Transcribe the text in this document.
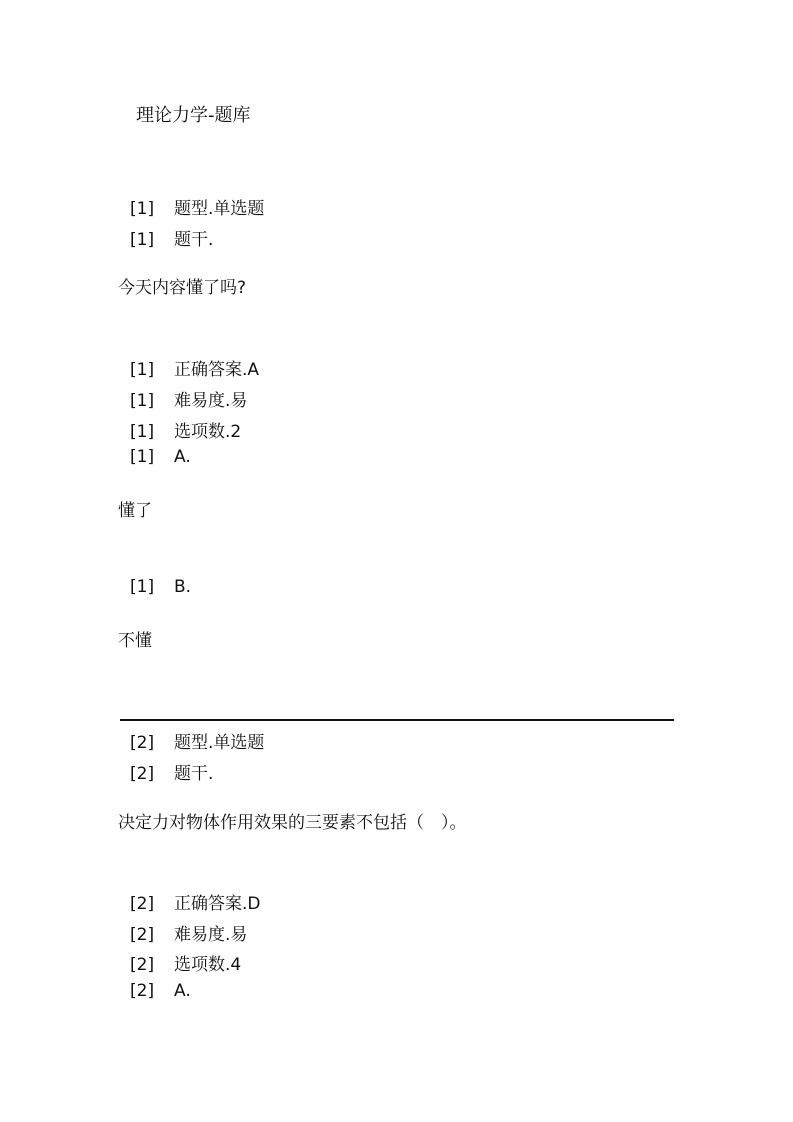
理论力学-题库
[1] 题型.单选题
[1] 题干.
今天内容懂了吗?
[1] 正确答案.A
[1] 难易度.易
[1] 选项数.2
[1] A.
懂了
[1] B.
不懂
[2] 题型.单选题
[2] 题干.
决定力对物体作用效果的三要素不包括（　）。
[2] 正确答案.D
[2] 难易度.易
[2] 选项数.4
[2] A.
